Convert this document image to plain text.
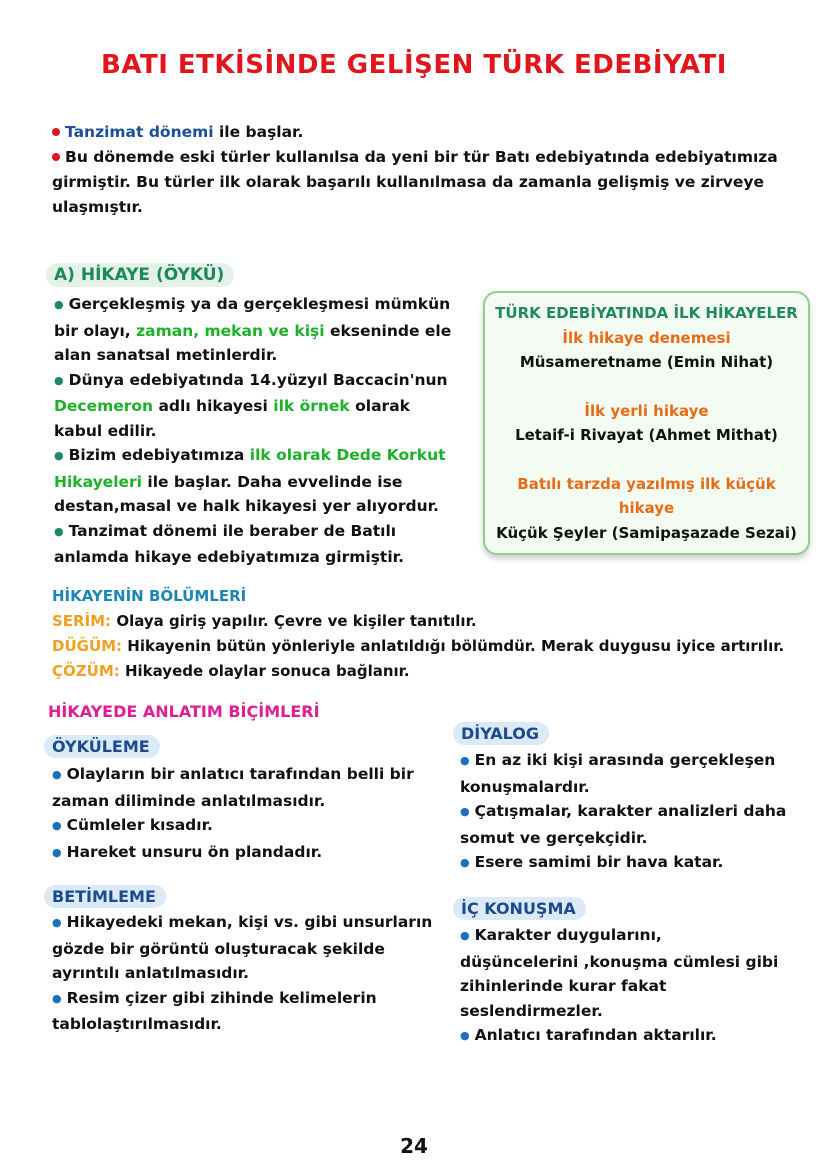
BATI ETKİSİNDE GELİŞEN TÜRK EDEBİYATI
Tanzimat dönemi ile başlar.
Bu dönemde eski türler kullanılsa da yeni bir tür Batı edebiyatında edebiyatımıza
girmiştir. Bu türler ilk olarak başarılı kullanılmasa da zamanla gelişmiş ve zirveye
ulaşmıştır.
A) HİKAYE (ÖYKÜ)
● Gerçekleşmiş ya da gerçekleşmesi mümkün
bir olayı, zaman, mekan ve kişi ekseninde ele
alan sanatsal metinlerdir.
● Dünya edebiyatında 14.yüzyıl Baccacin'nun
Decemeron adlı hikayesi ilk örnek olarak
kabul edilir.
● Bizim edebiyatımıza ilk olarak Dede Korkut
Hikayeleri ile başlar. Daha evvelinde ise
destan,masal ve halk hikayesi yer alıyordur.
● Tanzimat dönemi ile beraber de Batılı
anlamda hikaye edebiyatımıza girmiştir.
TÜRK EDEBİYATINDA İLK HİKAYELER
İlk hikaye denemesi
Müsameretname (Emin Nihat)
İlk yerli hikaye
Letaif-i Rivayat (Ahmet Mithat)
Batılı tarzda yazılmış ilk küçük
hikaye
Küçük Şeyler (Samipaşazade Sezai)
HİKAYENİN BÖLÜMLERİ
SERİM: Olaya giriş yapılır. Çevre ve kişiler tanıtılır.
DÜĞÜM: Hikayenin bütün yönleriyle anlatıldığı bölümdür. Merak duygusu iyice artırılır.
ÇÖZÜM: Hikayede olaylar sonuca bağlanır.
HİKAYEDE ANLATIM BİÇİMLERİ
ÖYKÜLEME
● Olayların bir anlatıcı tarafından belli bir
zaman diliminde anlatılmasıdır.
● Cümleler kısadır.
● Hareket unsuru ön plandadır.
BETİMLEME
● Hikayedeki mekan, kişi vs. gibi unsurların
gözde bir görüntü oluşturacak şekilde
ayrıntılı anlatılmasıdır.
● Resim çizer gibi zihinde kelimelerin
tablolaştırılmasıdır.
DİYALOG
● En az iki kişi arasında gerçekleşen
konuşmalardır.
● Çatışmalar, karakter analizleri daha
somut ve gerçekçidir.
● Esere samimi bir hava katar.
İÇ KONUŞMA
● Karakter duygularını,
düşüncelerini ,konuşma cümlesi gibi
zihinlerinde kurar fakat
seslendirmezler.
● Anlatıcı tarafından aktarılır.
24
